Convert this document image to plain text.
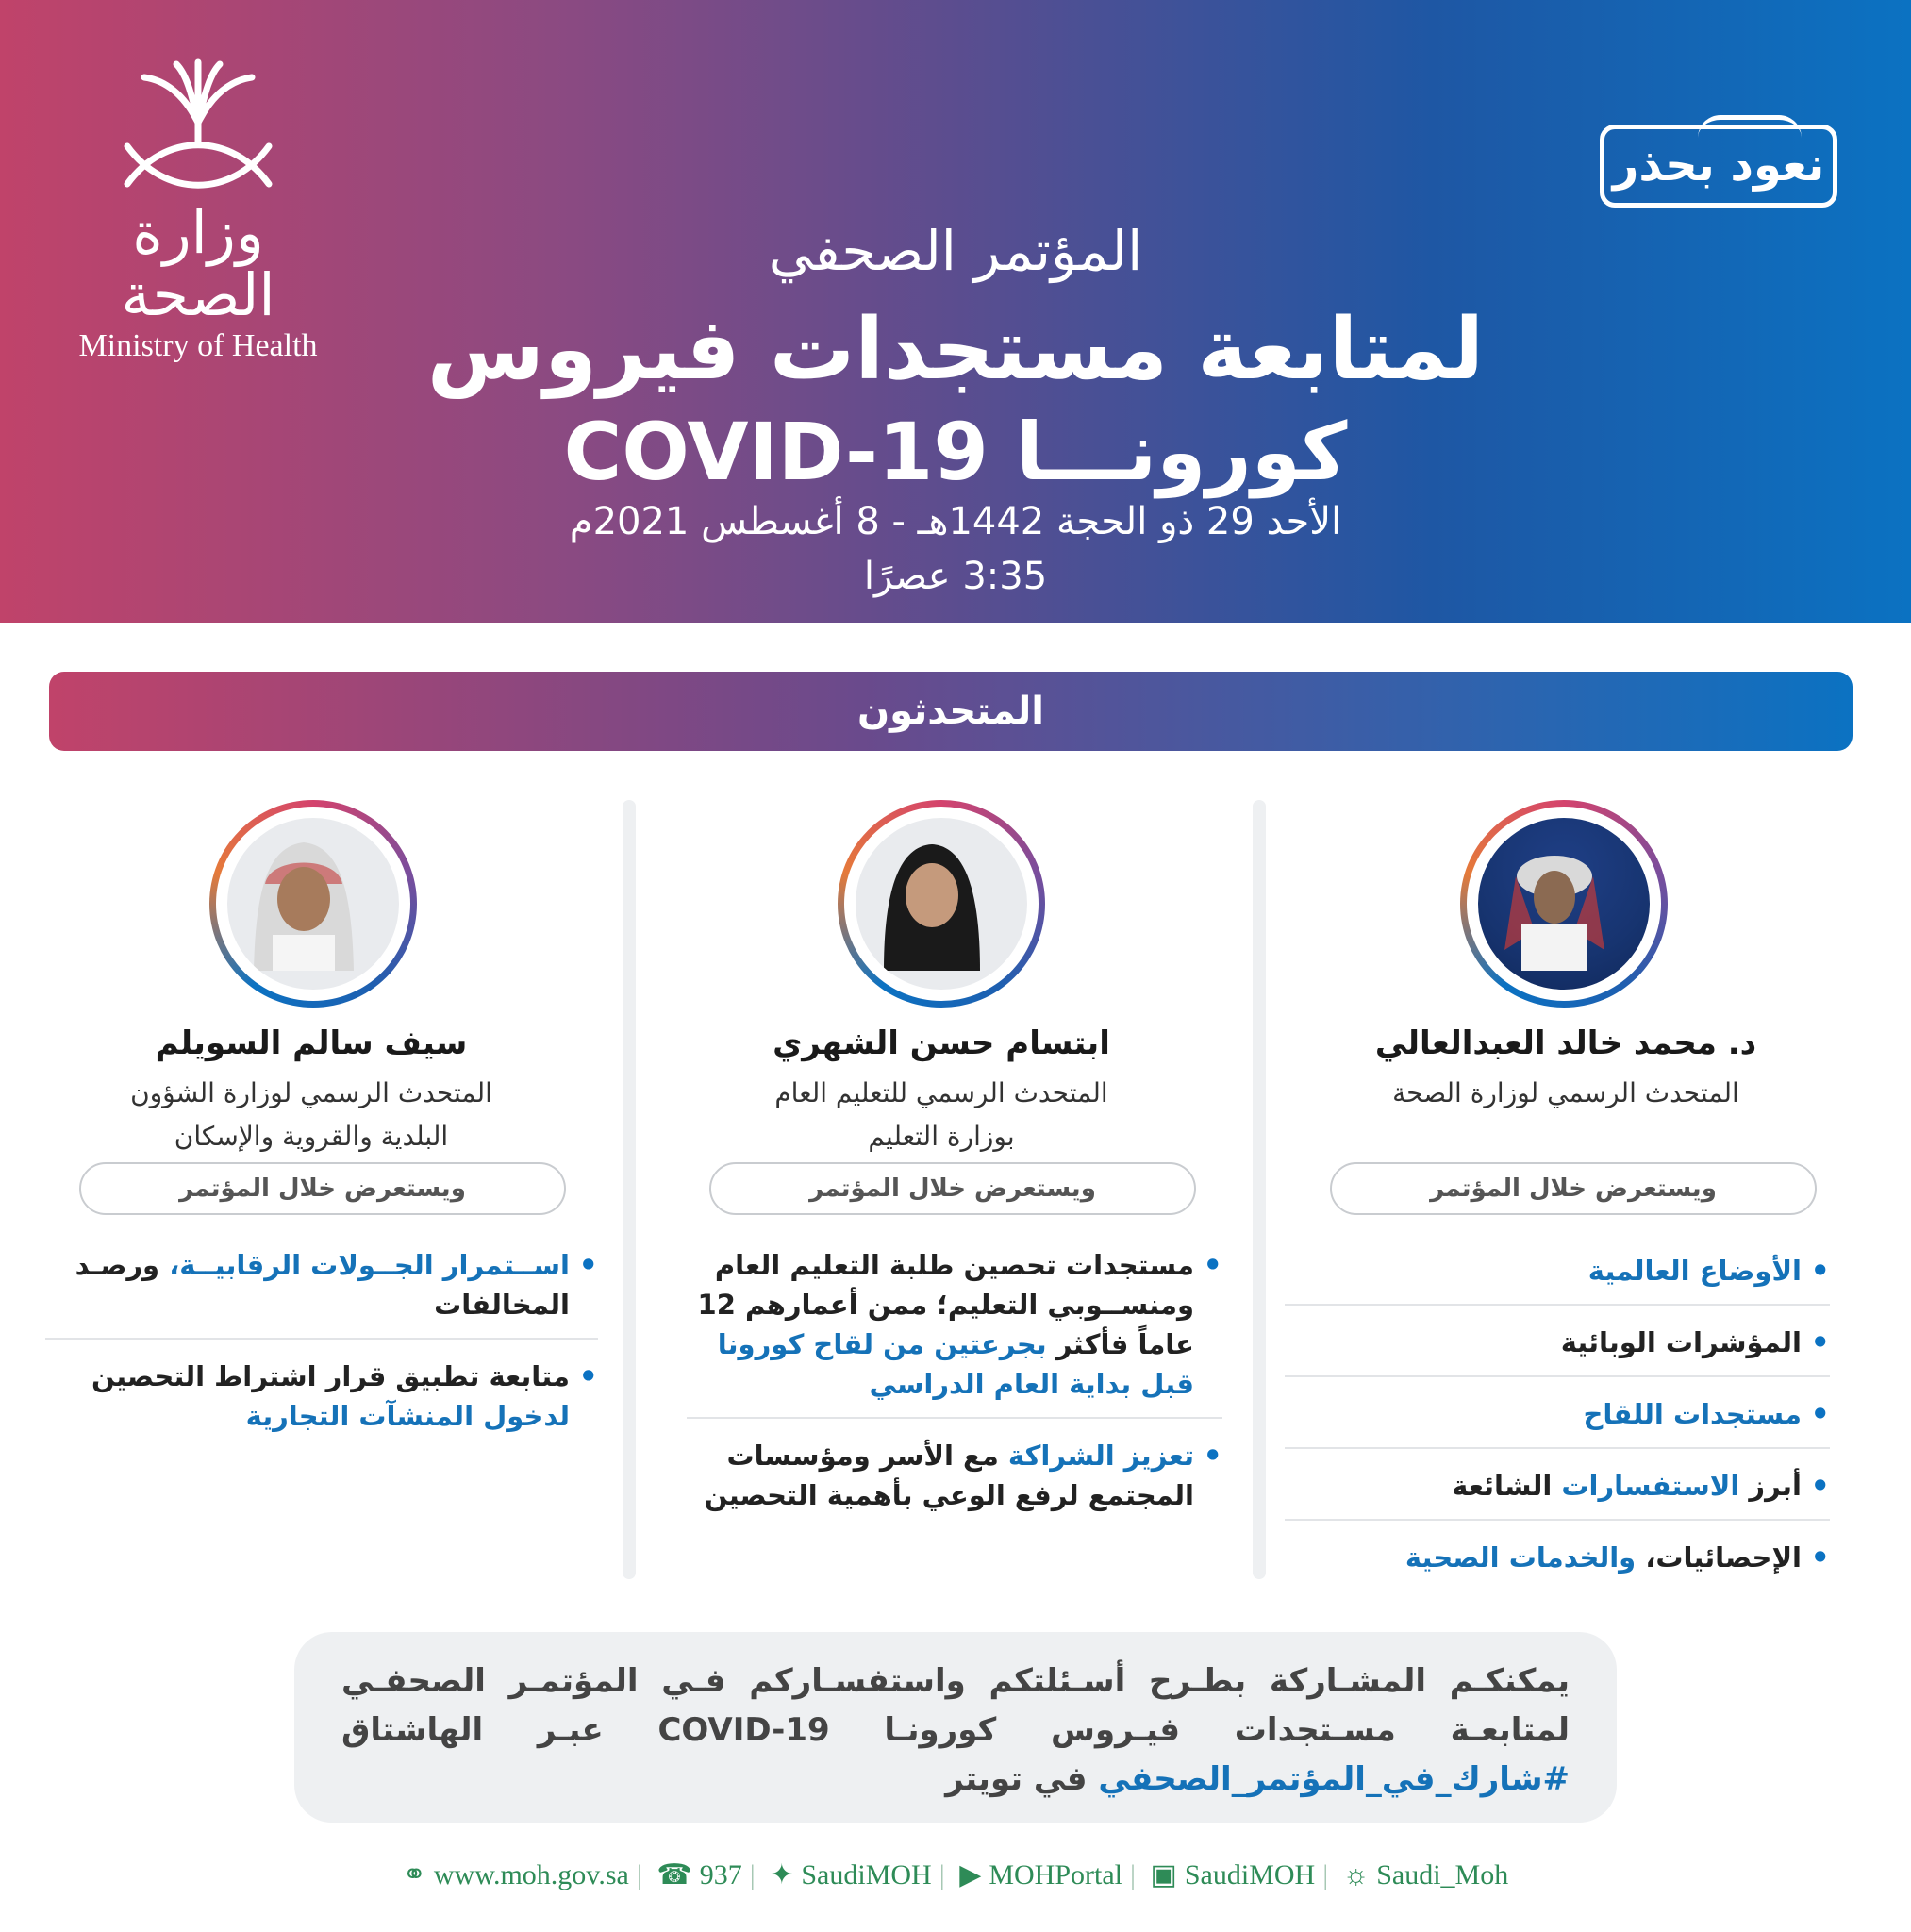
وزارة الصحة
Ministry of Health
نعود بحذر
المؤتمر الصحفي
لمتابعة مستجدات فيروس
كورونـــا COVID-19
الأحد 29 ذو الحجة 1442هـ - 8 أغسطس 2021م
3:35 عصرًا
المتحدثون
د. محمد خالد العبدالعالي
المتحدث الرسمي لوزارة الصحة
ويستعرض خلال المؤتمر
• الأوضاع العالمية
• المؤشرات الوبائية
• مستجدات اللقاح
• أبرز الاستفسارات الشائعة
• الإحصائيات، والخدمات الصحية
ابتسام حسن الشهري
المتحدث الرسمي للتعليم العام
بوزارة التعليم
ويستعرض خلال المؤتمر
• مستجدات تحصين طلبة التعليم العام ومنســوبي التعليم؛ ممن أعمارهم 12 عاماً فأكثر بجرعتين من لقاح كورونا قبل بداية العام الدراسي
• تعزيز الشراكة مع الأسر ومؤسسات المجتمع لرفع الوعي بأهمية التحصين
سيف سالم السويلم
المتحدث الرسمي لوزارة الشؤون
البلدية والقروية والإسكان
ويستعرض خلال المؤتمر
• اســتمرار الجــولات الرقابيــة، ورصـد المخالفات
• متابعة تطبيق قرار اشتراط التحصين لدخول المنشآت التجارية
يمكنكـم المشـاركة بطـرح أسـئلتكم واستفسـاركم فـي المؤتمـر الصحفـي لمتابعـة مسـتجدات فيـروس كورونـا COVID-19 عبـر الهاشتاق #شارك_في_المؤتمر_الصحفي في تويتر
⚭ www.moh.gov.sa | ☎ 937 | ✦ SaudiMOH | ▶ MOHPortal | ▣ SaudiMOH | ☼ Saudi_Moh
